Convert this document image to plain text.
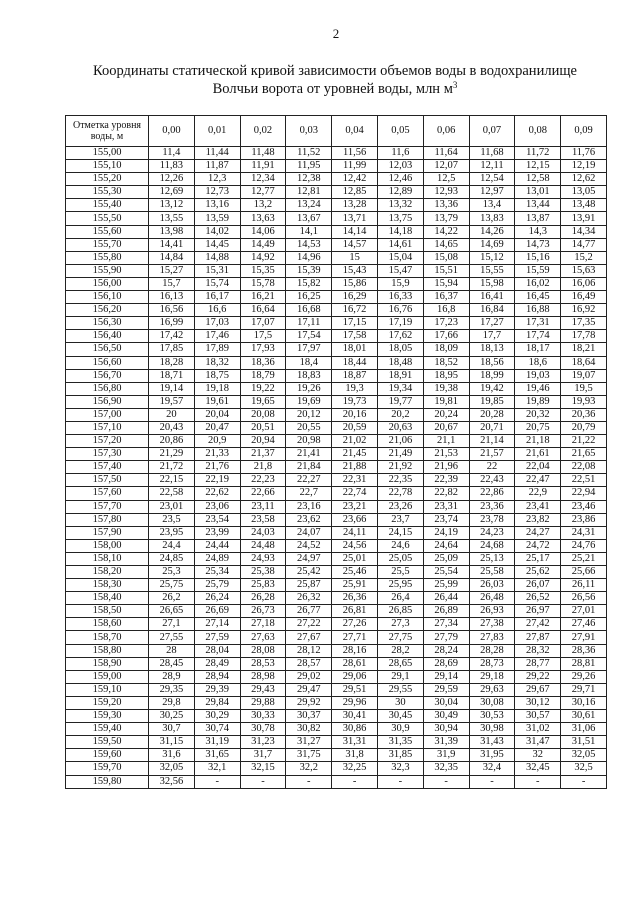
2
Координаты статической кривой зависимости объемов воды в водохранилище
Волчьи ворота от уровней воды, млн $м^3$
Отметка уровня воды, м	0,00	0,01	0,02	0,03	0,04	0,05	0,06	0,07	0,08	0,09
155,00	11,4	11,44	11,48	11,52	11,56	11,6	11,64	11,68	11,72	11,76
155,10	11,83	11,87	11,91	11,95	11,99	12,03	12,07	12,11	12,15	12,19
155,20	12,26	12,3	12,34	12,38	12,42	12,46	12,5	12,54	12,58	12,62
155,30	12,69	12,73	12,77	12,81	12,85	12,89	12,93	12,97	13,01	13,05
155,40	13,12	13,16	13,2	13,24	13,28	13,32	13,36	13,4	13,44	13,48
155,50	13,55	13,59	13,63	13,67	13,71	13,75	13,79	13,83	13,87	13,91
155,60	13,98	14,02	14,06	14,1	14,14	14,18	14,22	14,26	14,3	14,34
155,70	14,41	14,45	14,49	14,53	14,57	14,61	14,65	14,69	14,73	14,77
155,80	14,84	14,88	14,92	14,96	15	15,04	15,08	15,12	15,16	15,2
155,90	15,27	15,31	15,35	15,39	15,43	15,47	15,51	15,55	15,59	15,63
156,00	15,7	15,74	15,78	15,82	15,86	15,9	15,94	15,98	16,02	16,06
156,10	16,13	16,17	16,21	16,25	16,29	16,33	16,37	16,41	16,45	16,49
156,20	16,56	16,6	16,64	16,68	16,72	16,76	16,8	16,84	16,88	16,92
156,30	16,99	17,03	17,07	17,11	17,15	17,19	17,23	17,27	17,31	17,35
156,40	17,42	17,46	17,5	17,54	17,58	17,62	17,66	17,7	17,74	17,78
156,50	17,85	17,89	17,93	17,97	18,01	18,05	18,09	18,13	18,17	18,21
156,60	18,28	18,32	18,36	18,4	18,44	18,48	18,52	18,56	18,6	18,64
156,70	18,71	18,75	18,79	18,83	18,87	18,91	18,95	18,99	19,03	19,07
156,80	19,14	19,18	19,22	19,26	19,3	19,34	19,38	19,42	19,46	19,5
156,90	19,57	19,61	19,65	19,69	19,73	19,77	19,81	19,85	19,89	19,93
157,00	20	20,04	20,08	20,12	20,16	20,2	20,24	20,28	20,32	20,36
157,10	20,43	20,47	20,51	20,55	20,59	20,63	20,67	20,71	20,75	20,79
157,20	20,86	20,9	20,94	20,98	21,02	21,06	21,1	21,14	21,18	21,22
157,30	21,29	21,33	21,37	21,41	21,45	21,49	21,53	21,57	21,61	21,65
157,40	21,72	21,76	21,8	21,84	21,88	21,92	21,96	22	22,04	22,08
157,50	22,15	22,19	22,23	22,27	22,31	22,35	22,39	22,43	22,47	22,51
157,60	22,58	22,62	22,66	22,7	22,74	22,78	22,82	22,86	22,9	22,94
157,70	23,01	23,06	23,11	23,16	23,21	23,26	23,31	23,36	23,41	23,46
157,80	23,5	23,54	23,58	23,62	23,66	23,7	23,74	23,78	23,82	23,86
157,90	23,95	23,99	24,03	24,07	24,11	24,15	24,19	24,23	24,27	24,31
158,00	24,4	24,44	24,48	24,52	24,56	24,6	24,64	24,68	24,72	24,76
158,10	24,85	24,89	24,93	24,97	25,01	25,05	25,09	25,13	25,17	25,21
158,20	25,3	25,34	25,38	25,42	25,46	25,5	25,54	25,58	25,62	25,66
158,30	25,75	25,79	25,83	25,87	25,91	25,95	25,99	26,03	26,07	26,11
158,40	26,2	26,24	26,28	26,32	26,36	26,4	26,44	26,48	26,52	26,56
158,50	26,65	26,69	26,73	26,77	26,81	26,85	26,89	26,93	26,97	27,01
158,60	27,1	27,14	27,18	27,22	27,26	27,3	27,34	27,38	27,42	27,46
158,70	27,55	27,59	27,63	27,67	27,71	27,75	27,79	27,83	27,87	27,91
158,80	28	28,04	28,08	28,12	28,16	28,2	28,24	28,28	28,32	28,36
158,90	28,45	28,49	28,53	28,57	28,61	28,65	28,69	28,73	28,77	28,81
159,00	28,9	28,94	28,98	29,02	29,06	29,1	29,14	29,18	29,22	29,26
159,10	29,35	29,39	29,43	29,47	29,51	29,55	29,59	29,63	29,67	29,71
159,20	29,8	29,84	29,88	29,92	29,96	30	30,04	30,08	30,12	30,16
159,30	30,25	30,29	30,33	30,37	30,41	30,45	30,49	30,53	30,57	30,61
159,40	30,7	30,74	30,78	30,82	30,86	30,9	30,94	30,98	31,02	31,06
159,50	31,15	31,19	31,23	31,27	31,31	31,35	31,39	31,43	31,47	31,51
159,60	31,6	31,65	31,7	31,75	31,8	31,85	31,9	31,95	32	32,05
159,70	32,05	32,1	32,15	32,2	32,25	32,3	32,35	32,4	32,45	32,5
159,80	32,56	-	-	-	-	-	-	-	-	-
